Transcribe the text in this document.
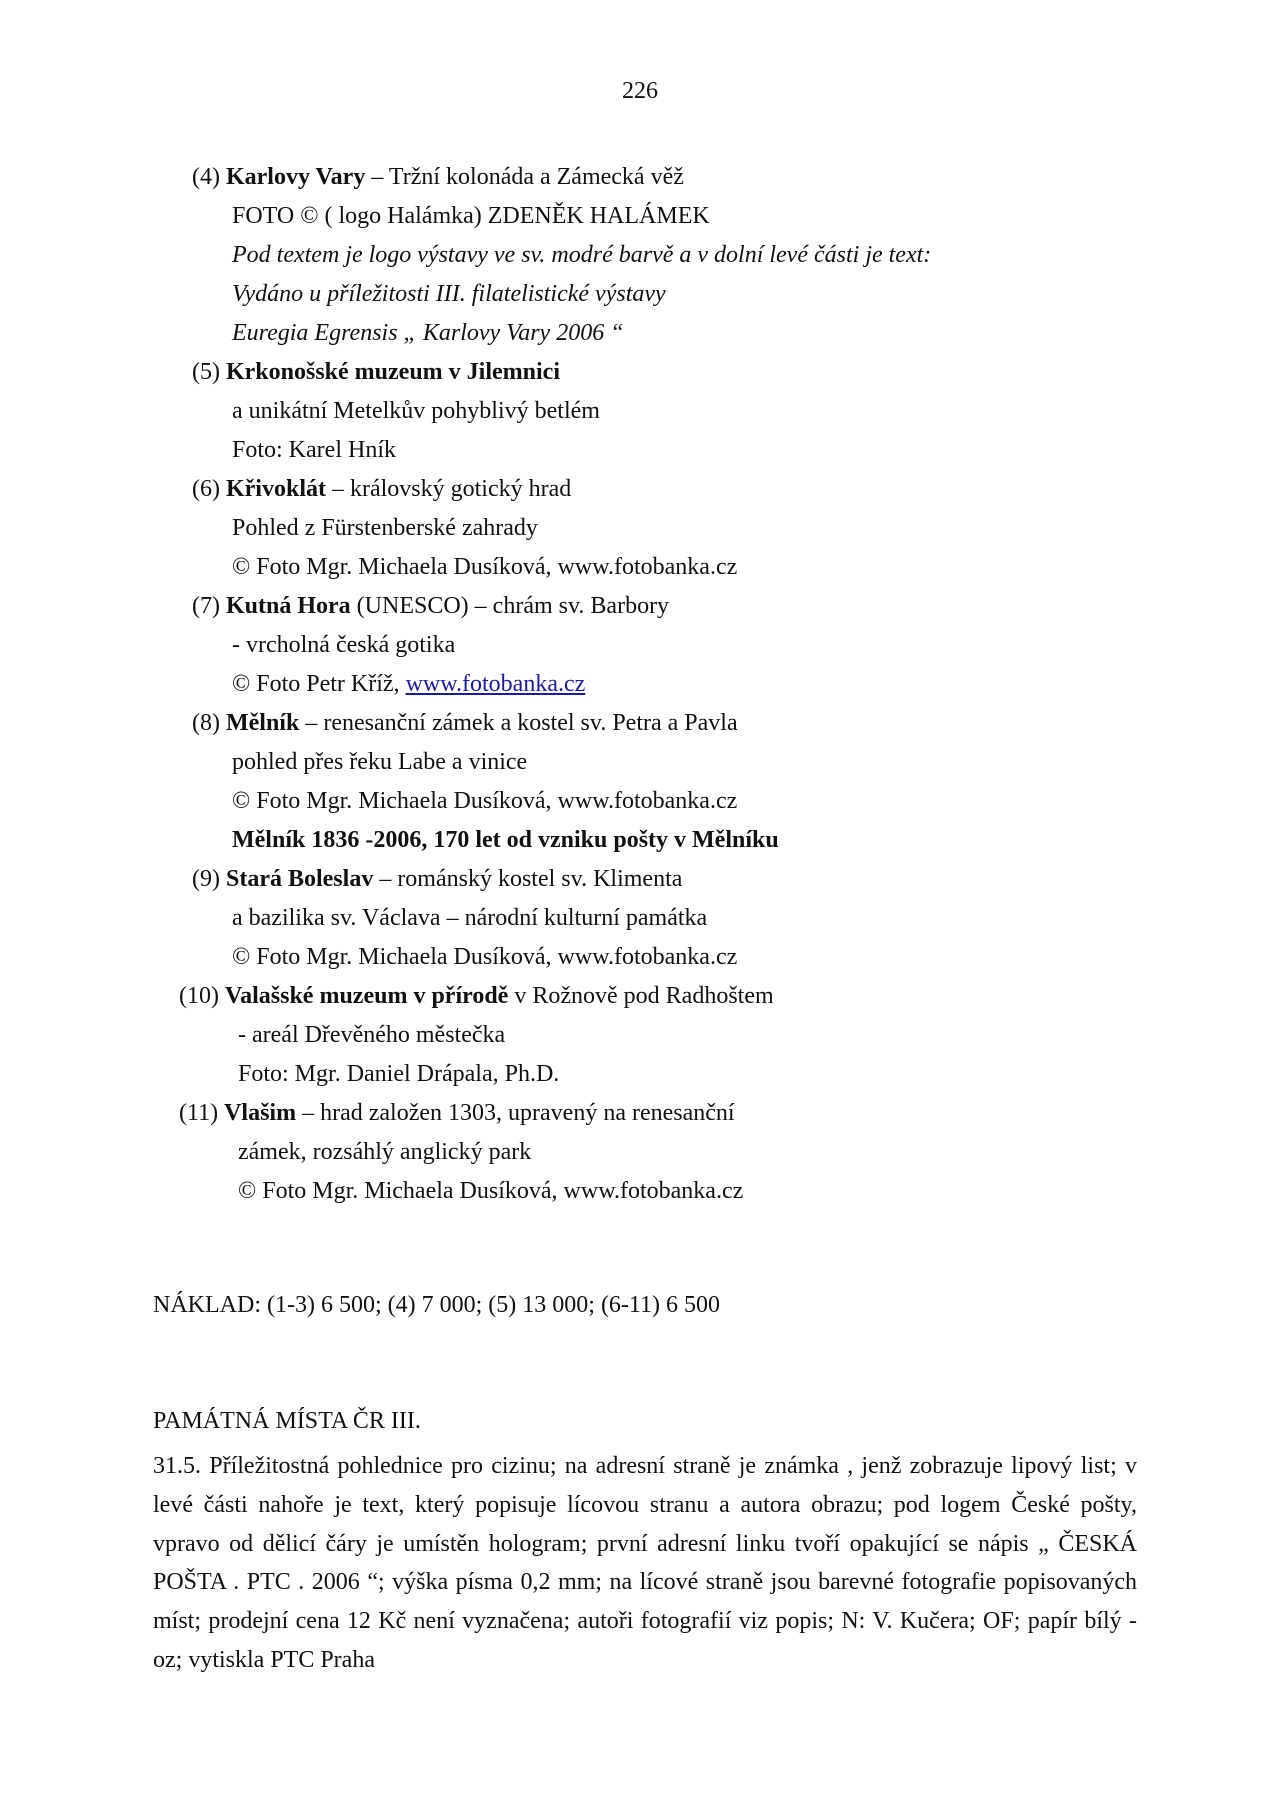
226
(4) Karlovy Vary – Tržní kolonáda a Zámecká věž
FOTO © ( logo Halámka) ZDENĚK HALÁMEK
Pod textem je logo výstavy ve sv. modré barvě a v dolní levé části je text:
Vydáno u příležitosti III. filatelistické výstavy
Euregia Egrensis „ Karlovy Vary 2006 “
(5) Krkonošské muzeum v Jilemnici
a unikátní Metelkův pohyblivý betlém
Foto: Karel Hník
(6) Křivoklát – královský gotický hrad
Pohled z Fürstenberské zahrady
© Foto Mgr. Michaela Dusíková, www.fotobanka.cz
(7) Kutná Hora (UNESCO) – chrám sv. Barbory
- vrcholná česká gotika
© Foto Petr Kříž, www.fotobanka.cz
(8) Mělník – renesanční zámek a kostel sv. Petra a Pavla
pohled přes řeku Labe a vinice
© Foto Mgr. Michaela Dusíková, www.fotobanka.cz
Mělník 1836 -2006, 170 let od vzniku pošty v Mělníku
(9) Stará Boleslav – románský kostel sv. Klimenta
a bazilika sv. Václava – národní kulturní památka
© Foto Mgr. Michaela Dusíková, www.fotobanka.cz
(10) Valašské muzeum v přírodě v Rožnově pod Radhoštem
- areál Dřevěného městečka
Foto: Mgr. Daniel Drápala, Ph.D.
(11) Vlašim – hrad založen 1303, upravený na renesanční
zámek, rozsáhlý anglický park
© Foto Mgr. Michaela Dusíková, www.fotobanka.cz
NÁKLAD: (1-3) 6 500; (4) 7 000; (5) 13 000; (6-11) 6 500
PAMÁTNÁ MÍSTA ČR III.
31.5. Příležitostná pohlednice pro cizinu; na adresní straně je známka , jenž zobrazuje lipový list; v levé části nahoře je text, který popisuje lícovou stranu a autora obrazu; pod logem České pošty, vpravo od dělicí čáry je umístěn hologram; první adresní linku tvoří opakující se nápis „ ČESKÁ POŠTA . PTC . 2006 “; výška písma 0,2 mm; na lícové straně jsou barevné fotografie popisovaných míst; prodejní cena 12 Kč není vyznačena; autoři fotografií viz popis; N: V. Kučera; OF; papír bílý - oz; vytiskla PTC Praha
